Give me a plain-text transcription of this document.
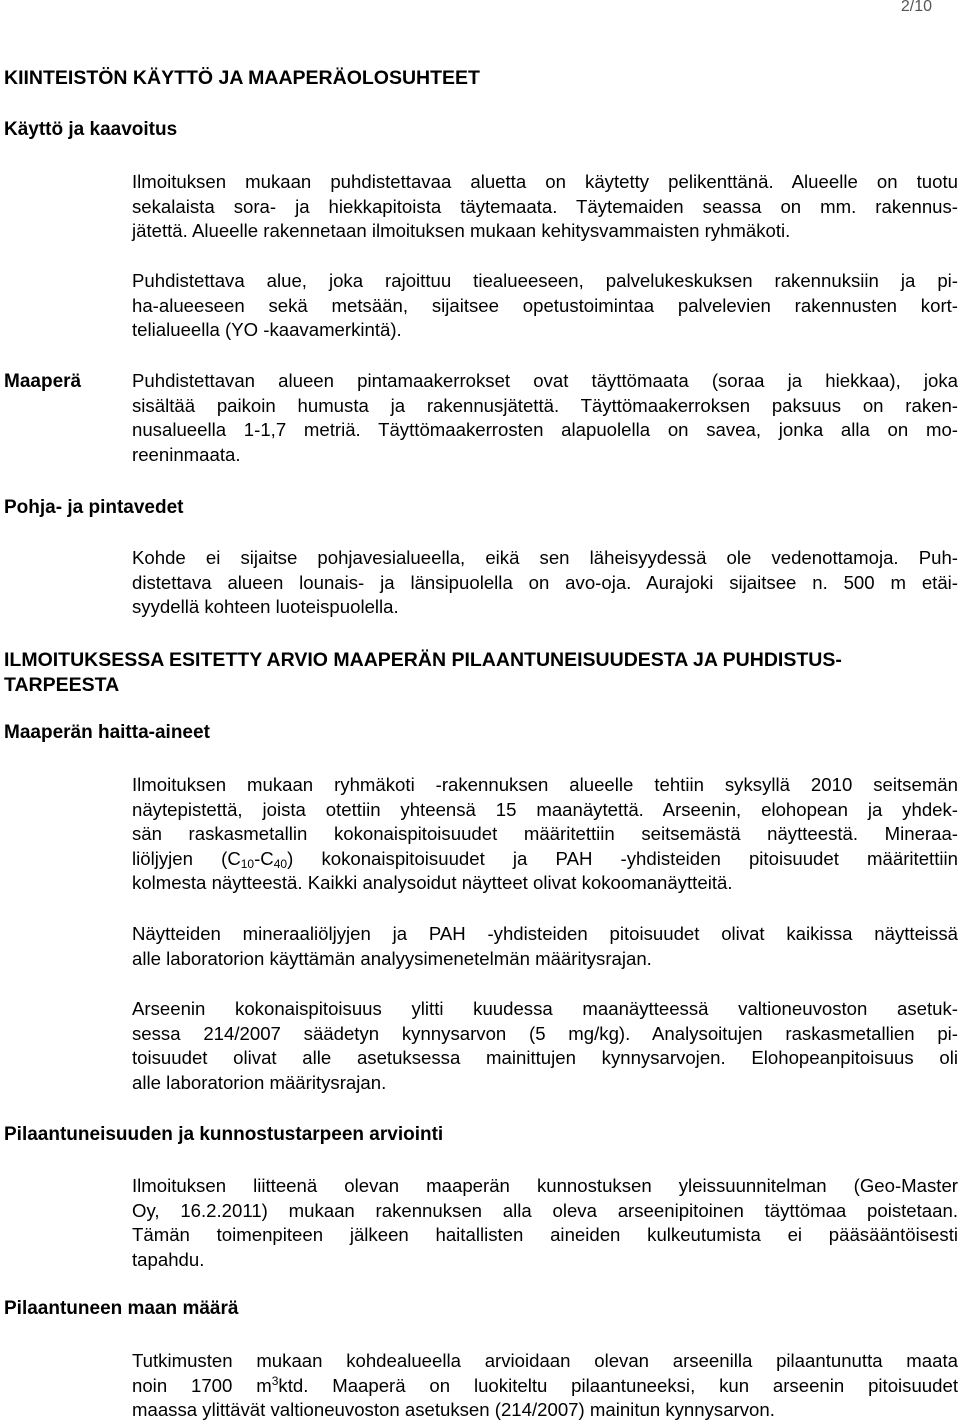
2/10
KIINTEISTÖN KÄYTTÖ JA MAAPERÄOLOSUHTEET
Käyttö ja kaavoitus
Ilmoituksen mukaan puhdistettavaa aluetta on käytetty pelikenttänä. Alueelle on tuotu
sekalaista sora- ja hiekkapitoista täytemaata. Täytemaiden seassa on mm. rakennus-
jätettä. Alueelle rakennetaan ilmoituksen mukaan kehitysvammaisten ryhmäkoti.
Puhdistettava alue, joka rajoittuu tiealueeseen, palvelukeskuksen rakennuksiin ja pi-
ha-alueeseen sekä metsään, sijaitsee opetustoimintaa palvelevien rakennusten kort-
telialueella (YO -kaavamerkintä).
Maaperä	Puhdistettavan alueen pintamaakerrokset ovat täyttömaata (soraa ja hiekkaa), joka
sisältää paikoin humusta ja rakennusjätettä. Täyttömaakerroksen paksuus on raken-
nusalueella 1-1,7 metriä. Täyttömaakerrosten alapuolella on savea, jonka alla on mo-
reeninmaata.
Pohja- ja pintavedet
Kohde ei sijaitse pohjavesialueella, eikä sen läheisyydessä ole vedenottamoja. Puh-
distettava alueen lounais- ja länsipuolella on avo-oja. Aurajoki sijaitsee n. 500 m etäi-
syydellä kohteen luoteispuolella.
ILMOITUKSESSA ESITETTY ARVIO MAAPERÄN PILAANTUNEISUUDESTA JA PUHDISTUS-
TARPEESTA
Maaperän haitta-aineet
Ilmoituksen mukaan ryhmäkoti -rakennuksen alueelle tehtiin syksyllä 2010 seitsemän
näytepistettä, joista otettiin yhteensä 15 maanäytettä. Arseenin, elohopean ja yhdek-
sän raskasmetallin kokonaispitoisuudet määritettiin seitsemästä näytteestä. Mineraa-
liöljyjen $(C_{10}-C_{40})$ kokonaispitoisuudet ja PAH -yhdisteiden pitoisuudet määritettiin
kolmesta näytteestä. Kaikki analysoidut näytteet olivat kokoomanäytteitä.
Näytteiden mineraaliöljyjen ja PAH -yhdisteiden pitoisuudet olivat kaikissa näytteissä
alle laboratorion käyttämän analyysimenetelmän määritysrajan.
Arseenin kokonaispitoisuus ylitti kuudessa maanäytteessä valtioneuvoston asetuk-
sessa 214/2007 säädetyn kynnysarvon (5 mg/kg). Analysoitujen raskasmetallien pi-
toisuudet olivat alle asetuksessa mainittujen kynnysarvojen. Elohopeanpitoisuus oli
alle laboratorion määritysrajan.
Pilaantuneisuuden ja kunnostustarpeen arviointi
Ilmoituksen liitteenä olevan maaperän kunnostuksen yleissuunnitelman (Geo-Master
Oy, 16.2.2011) mukaan rakennuksen alla oleva arseenipitoinen täyttömaa poistetaan.
Tämän toimenpiteen jälkeen haitallisten aineiden kulkeutumista ei pääsääntöisesti
tapahdu.
Pilaantuneen maan määrä
Tutkimusten mukaan kohdealueella arvioidaan olevan arseenilla pilaantunutta maata
noin 1700 $m^3ktd$. Maaperä on luokiteltu pilaantuneeksi, kun arseenin pitoisuudet
maassa ylittävät valtioneuvoston asetuksen (214/2007) mainitun kynnysarvon.
